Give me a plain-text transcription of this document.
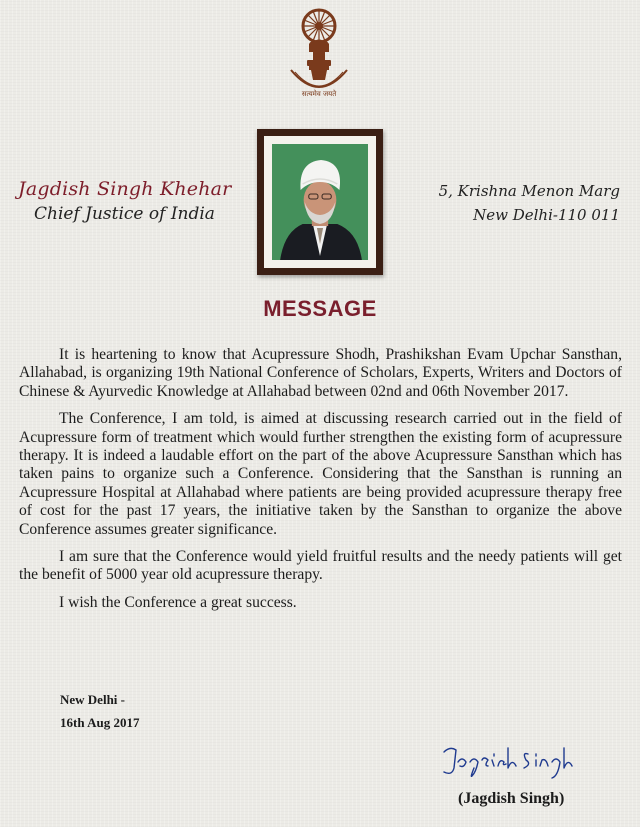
सत्यमेव जयते
Jagdish Singh Khehar
Chief Justice of India
5, Krishna Menon Marg
New Delhi-110 011
MESSAGE

It is heartening to know that Acupressure Shodh, Prashikshan Evam Upchar Sansthan, Allahabad, is organizing 19th National Conference of Scholars, Experts, Writers and Doctors of Chinese & Ayurvedic Knowledge at Allahabad between 02nd and 06th November 2017.

The Conference, I am told, is aimed at discussing research carried out in the field of Acupressure form of treatment which would further strengthen the existing form of acupressure therapy. It is indeed a laudable effort on the part of the above Acupressure Sansthan which has taken pains to organize such a Conference. Considering that the Sansthan is running an Acupressure Hospital at Allahabad where patients are being provided acupressure therapy free of cost for the past 17 years, the initiative taken by the Sansthan to organize the above Conference assumes greater significance.

I am sure that the Conference would yield fruitful results and the needy patients will get the benefit of 5000 year old acupressure therapy.

I wish the Conference a great success.

New Delhi -
16th Aug 2017
(Jagdish Singh)
